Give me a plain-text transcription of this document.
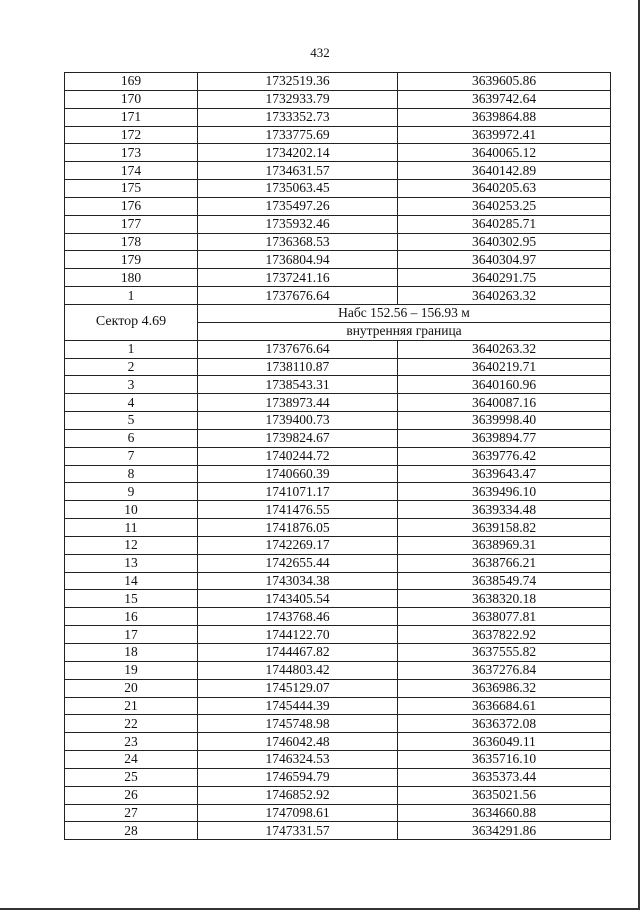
432
169	1732519.36	3639605.86
170	1732933.79	3639742.64
171	1733352.73	3639864.88
172	1733775.69	3639972.41
173	1734202.14	3640065.12
174	1734631.57	3640142.89
175	1735063.45	3640205.63
176	1735497.26	3640253.25
177	1735932.46	3640285.71
178	1736368.53	3640302.95
179	1736804.94	3640304.97
180	1737241.16	3640291.75
1	1737676.64	3640263.32
Сектор 4.69	Набс 152.56 – 156.93 м	
	внутренняя граница	
1	1737676.64	3640263.32
2	1738110.87	3640219.71
3	1738543.31	3640160.96
4	1738973.44	3640087.16
5	1739400.73	3639998.40
6	1739824.67	3639894.77
7	1740244.72	3639776.42
8	1740660.39	3639643.47
9	1741071.17	3639496.10
10	1741476.55	3639334.48
11	1741876.05	3639158.82
12	1742269.17	3638969.31
13	1742655.44	3638766.21
14	1743034.38	3638549.74
15	1743405.54	3638320.18
16	1743768.46	3638077.81
17	1744122.70	3637822.92
18	1744467.82	3637555.82
19	1744803.42	3637276.84
20	1745129.07	3636986.32
21	1745444.39	3636684.61
22	1745748.98	3636372.08
23	1746042.48	3636049.11
24	1746324.53	3635716.10
25	1746594.79	3635373.44
26	1746852.92	3635021.56
27	1747098.61	3634660.88
28	1747331.57	3634291.86
